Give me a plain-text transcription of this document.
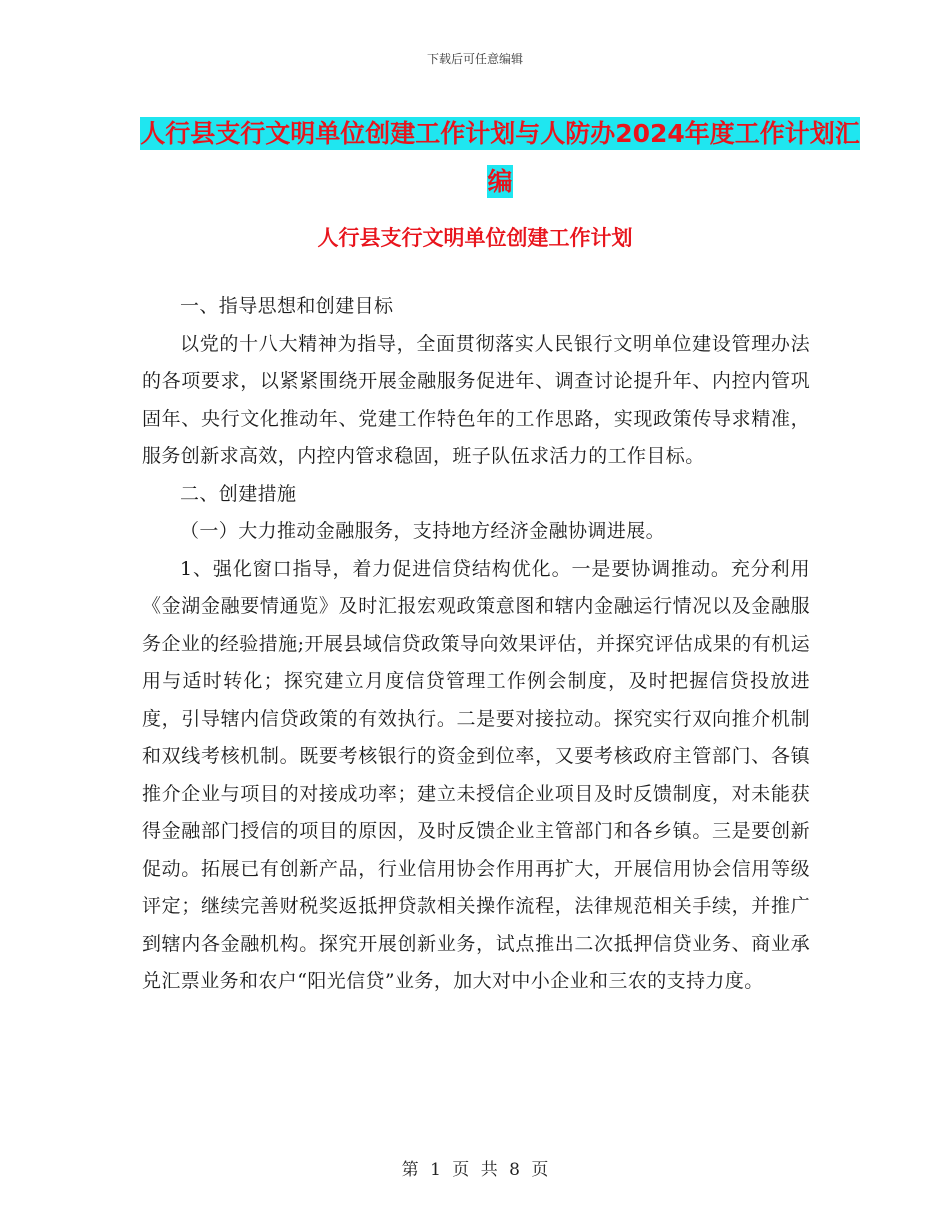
下载后可任意编辑
人行县支行文明单位创建工作计划与人防办2024年度工作计划汇编
人行县支行文明单位创建工作计划

一、指导思想和创建目标

以党的十八大精神为指导，全面贯彻落实人民银行文明单位建设管理办法的各项要求，以紧紧围绕开展金融服务促进年、调查讨论提升年、内控内管巩固年、央行文化推动年、党建工作特色年的工作思路，实现政策传导求精准，服务创新求高效，内控内管求稳固，班子队伍求活力的工作目标。

二、创建措施

（一）大力推动金融服务，支持地方经济金融协调进展。

1、强化窗口指导，着力促进信贷结构优化。一是要协调推动。充分利用《金湖金融要情通览》及时汇报宏观政策意图和辖内金融运行情况以及金融服务企业的经验措施;开展县域信贷政策导向效果评估，并探究评估成果的有机运用与适时转化；探究建立月度信贷管理工作例会制度，及时把握信贷投放进度，引导辖内信贷政策的有效执行。二是要对接拉动。探究实行双向推介机制和双线考核机制。既要考核银行的资金到位率，又要考核政府主管部门、各镇推介企业与项目的对接成功率；建立未授信企业项目及时反馈制度，对未能获得金融部门授信的项目的原因，及时反馈企业主管部门和各乡镇。三是要创新促动。拓展已有创新产品，行业信用协会作用再扩大，开展信用协会信用等级评定；继续完善财税奖返抵押贷款相关操作流程，法律规范相关手续，并推广到辖内各金融机构。探究开展创新业务，试点推出二次抵押信贷业务、商业承兑汇票业务和农户“阳光信贷”业务，加大对中小企业和三农的支持力度。

第 1 页 共 8 页
